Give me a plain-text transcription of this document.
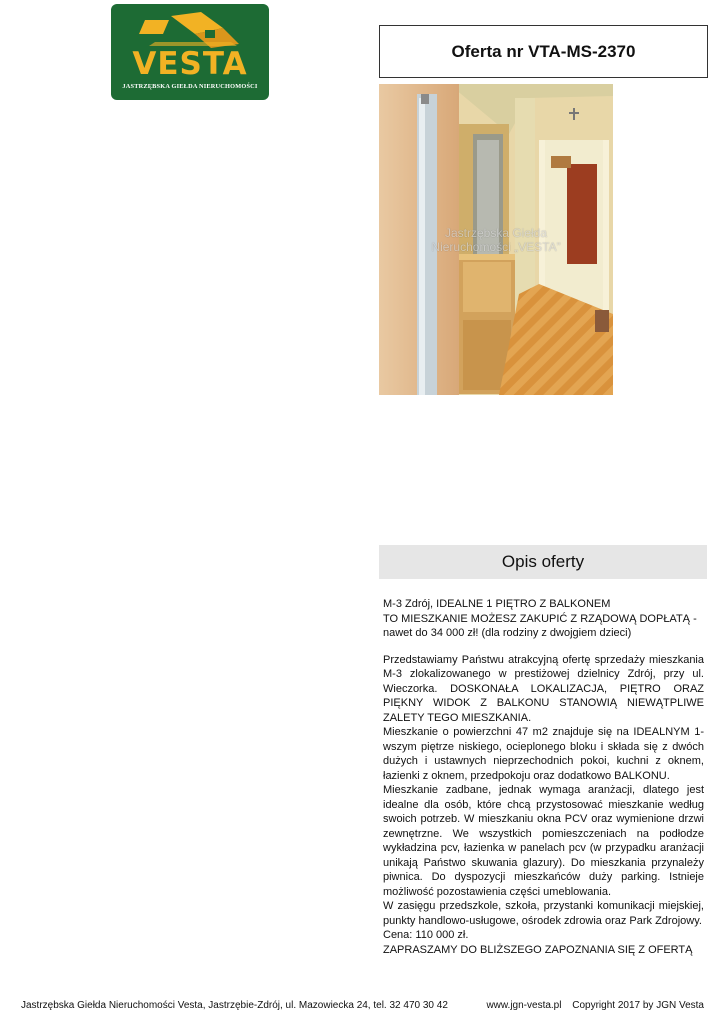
VESTA
JASTRZĘBSKA GIEŁDA NIERUCHOMOŚCI
Oferta nr VTA-MS-2370
Jastrzębska Giełda
Nieruchomości „VESTA”
Opis oferty

M-3 Zdrój, IDEALNE 1 PIĘTRO Z BALKONEM

TO MIESZKANIE MOŻESZ ZAKUPIĆ Z RZĄDOWĄ DOPŁATĄ - nawet do 34 000 zł! (dla rodziny z dwojgiem dzieci)

Przedstawiamy Państwu atrakcyjną ofertę sprzedaży mieszkania M-3 zlokalizowanego w prestiżowej dzielnicy Zdrój, przy ul. Wieczorka. DOSKONAŁA LOKALIZACJA, PIĘTRO ORAZ PIĘKNY WIDOK Z BALKONU STANOWIĄ NIEWĄTPLIWE ZALETY TEGO MIESZKANIA.

Mieszkanie o powierzchni 47 m2 znajduje się na IDEALNYM 1-wszym piętrze niskiego, ocieplonego bloku i składa się z dwóch dużych i ustawnych nieprzechodnich pokoi, kuchni z oknem, łazienki z oknem, przedpokoju oraz dodatkowo BALKONU.

Mieszkanie zadbane, jednak wymaga aranżacji, dlatego jest idealne dla osób, które chcą przystosować mieszkanie według swoich potrzeb. W mieszkaniu okna PCV oraz wymienione drzwi zewnętrzne. We wszystkich pomieszczeniach na podłodze wykładzina pcv, łazienka w panelach pcv (w przypadku aranżacji unikają Państwo skuwania glazury). Do mieszkania przynależy piwnica. Do dyspozycji mieszkańców duży parking. Istnieje możliwość pozostawienia części umeblowania.

W zasięgu przedszkole, szkoła, przystanki komunikacji miejskiej, punkty handlowo-usługowe, ośrodek zdrowia oraz Park Zdrojowy.

Cena: 110 000 zł.

ZAPRASZAMY DO BLIŻSZEGO ZAPOZNANIA SIĘ Z OFERTĄ

Jastrzębska Giełda Nieruchomości Vesta, Jastrzębie-Zdrój, ul. Mazowiecka 24, tel. 32 470 30 42	www.jgn-vesta.pl Copyright 2017 by JGN Vesta
